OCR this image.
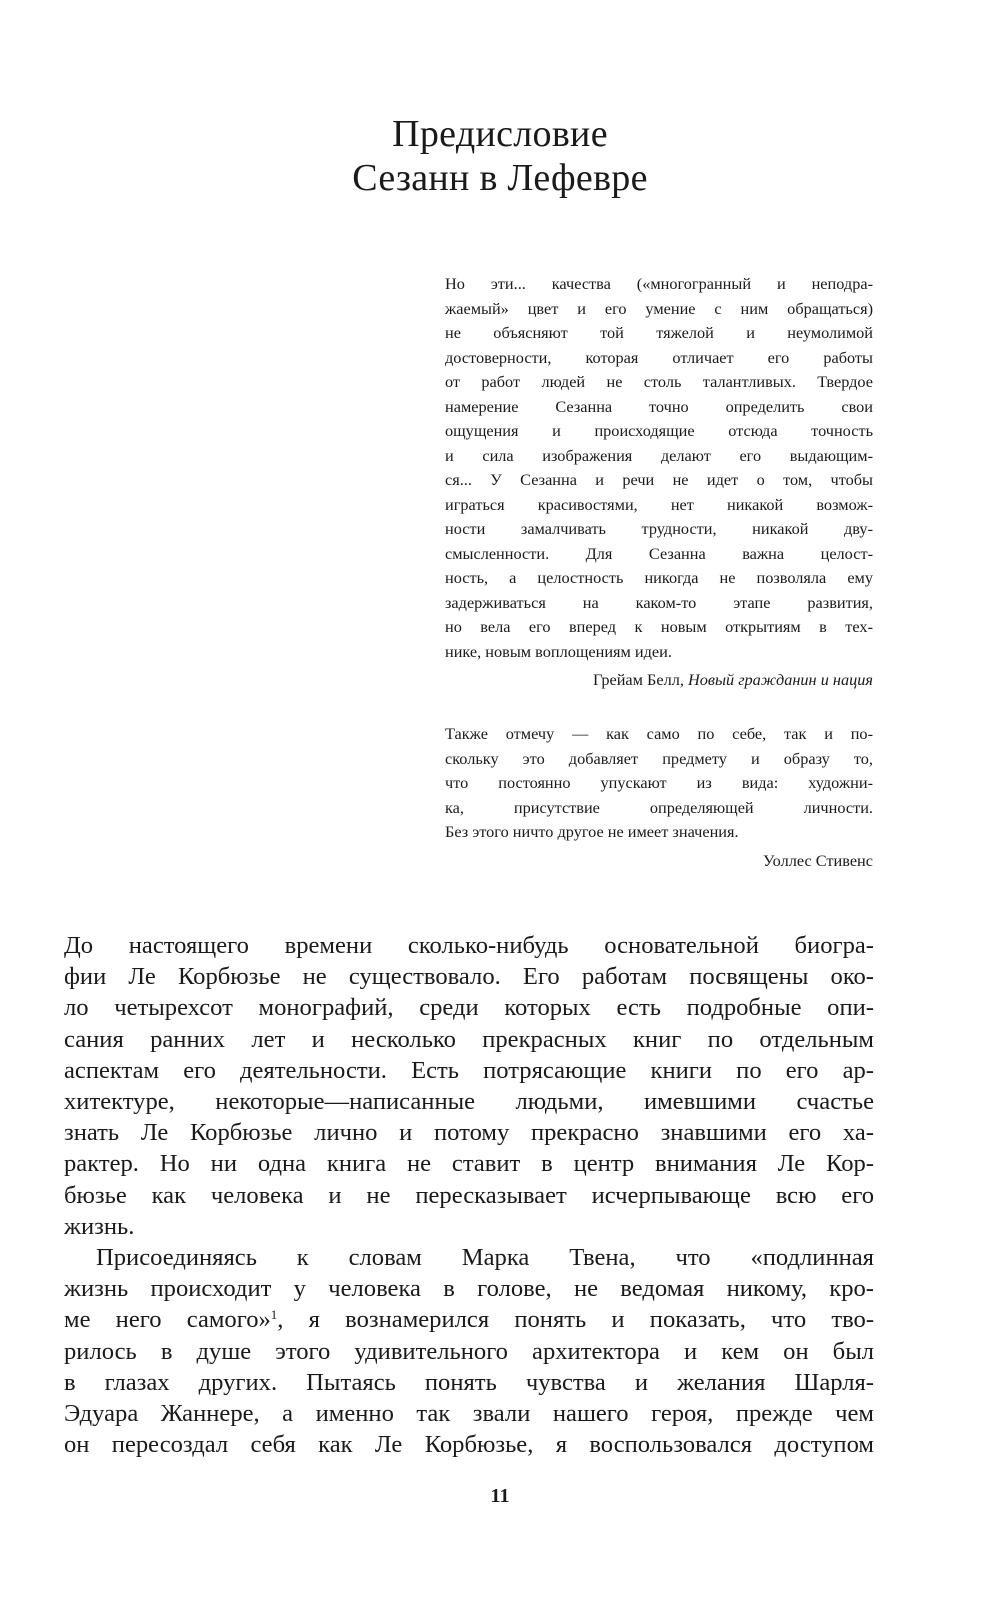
Предисловие
Сезанн в Лефевре
Но эти... качества («многогранный и неподра-
жаемый» цвет и его умение с ним обращаться)
не объясняют той тяжелой и неумолимой
достоверности, которая отличает его работы
от работ людей не столь талантливых. Твердое
намерение Сезанна точно определить свои
ощущения и происходящие отсюда точность
и сила изображения делают его выдающим-
ся... У Сезанна и речи не идет о том, чтобы
играться красивостями, нет никакой возмож-
ности замалчивать трудности, никакой дву-
смысленности. Для Сезанна важна целост-
ность, а целостность никогда не позволяла ему
задерживаться на каком-то этапе развития,
но вела его вперед к новым открытиям в тех-
нике, новым воплощениям идеи.
Грейам Белл, Новый гражданин и нация
Также отмечу — как само по себе, так и по-
скольку это добавляет предмету и образу то,
что постоянно упускают из вида: художни-
ка, присутствие определяющей личности.
Без этого ничто другое не имеет значения.
Уоллес Стивенс
До настоящего времени сколько-нибудь основательной биогра-
фии Ле Корбюзье не существовало. Его работам посвящены око-
ло четырехсот монографий, среди которых есть подробные опи-
сания ранних лет и несколько прекрасных книг по отдельным
аспектам его деятельности. Есть потрясающие книги по его ар-
хитектуре, некоторые—написанные людьми, имевшими счастье
знать Ле Корбюзье лично и потому прекрасно знавшими его ха-
рактер. Но ни одна книга не ставит в центр внимания Ле Кор-
бюзье как человека и не пересказывает исчерпывающе всю его
жизнь.
Присоединяясь к словам Марка Твена, что «подлинная
жизнь происходит у человека в голове, не ведомая никому, кро-
ме него самого»$^1$, я вознамерился понять и показать, что тво-
рилось в душе этого удивительного архитектора и кем он был
в глазах других. Пытаясь понять чувства и желания Шарля-
Эдуара Жаннере, а именно так звали нашего героя, прежде чем
он пересоздал себя как Ле Корбюзье, я воспользовался доступом
11
